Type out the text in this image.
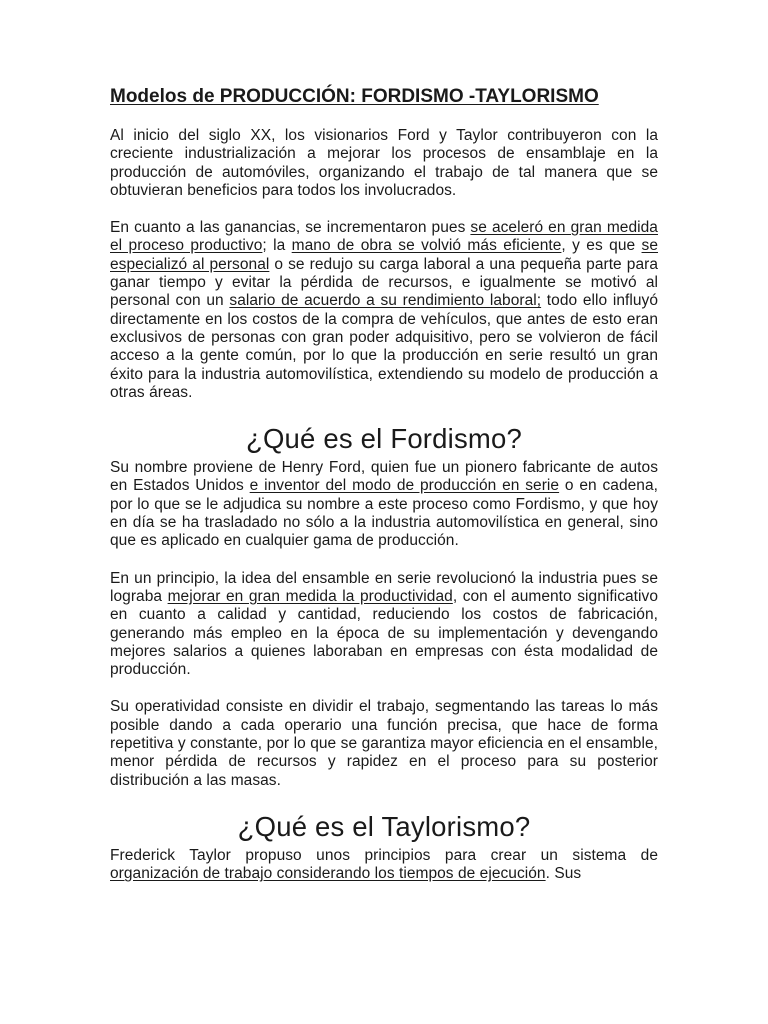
Modelos de PRODUCCIÓN: FORDISMO -TAYLORISMO

Al inicio del siglo XX, los visionarios Ford y Taylor contribuyeron con la creciente industrialización a mejorar los procesos de ensamblaje en la producción de automóviles, organizando el trabajo de tal manera que se obtuvieran beneficios para todos los involucrados.

En cuanto a las ganancias, se incrementaron pues se aceleró en gran medida el proceso productivo; la mano de obra se volvió más eficiente, y es que se especializó al personal o se redujo su carga laboral a una pequeña parte para ganar tiempo y evitar la pérdida de recursos, e igualmente se motivó al personal con un salario de acuerdo a su rendimiento laboral; todo ello influyó directamente en los costos de la compra de vehículos, que antes de esto eran exclusivos de personas con gran poder adquisitivo, pero se volvieron de fácil acceso a la gente común, por lo que la producción en serie resultó un gran éxito para la industria automovilística, extendiendo su modelo de producción a otras áreas.

¿Qué es el Fordismo?

Su nombre proviene de Henry Ford, quien fue un pionero fabricante de autos en Estados Unidos e inventor del modo de producción en serie o en cadena, por lo que se le adjudica su nombre a este proceso como Fordismo, y que hoy en día se ha trasladado no sólo a la industria automovilística en general, sino que es aplicado en cualquier gama de producción.

En un principio, la idea del ensamble en serie revolucionó la industria pues se lograba mejorar en gran medida la productividad, con el aumento significativo en cuanto a calidad y cantidad, reduciendo los costos de fabricación, generando más empleo en la época de su implementación y devengando mejores salarios a quienes laboraban en empresas con ésta modalidad de producción.

Su operatividad consiste en dividir el trabajo, segmentando las tareas lo más posible dando a cada operario una función precisa, que hace de forma repetitiva y constante, por lo que se garantiza mayor eficiencia en el ensamble, menor pérdida de recursos y rapidez en el proceso para su posterior distribución a las masas.

¿Qué es el Taylorismo?

Frederick Taylor propuso unos principios para crear un sistema de organización de trabajo considerando los tiempos de ejecución. Sus
